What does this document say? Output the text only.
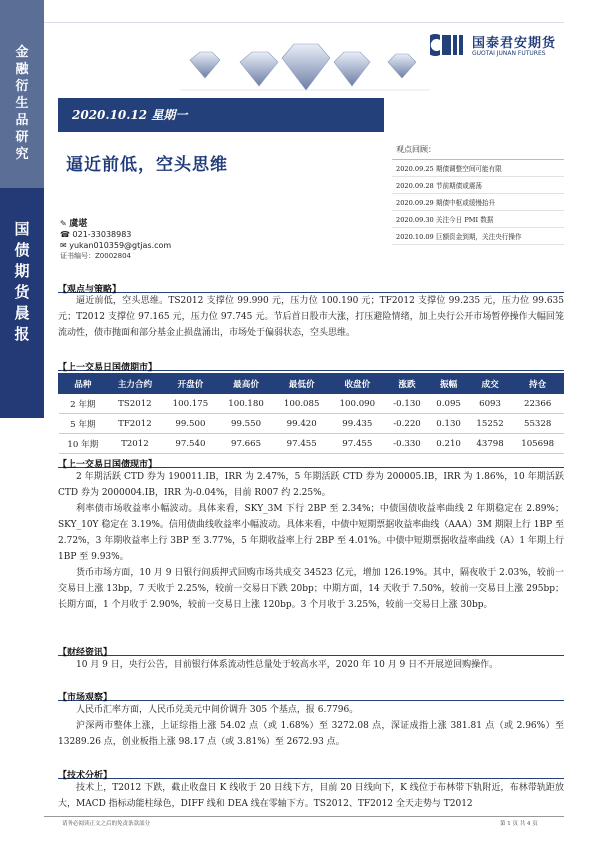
金
融
衍
生
品
研
究
国
债
期
货
晨
报
国泰君安期货
GUOTAI JUNAN FUTURES
2020.10.12 星期一
逼近前低，空头思维
观点回顾：
2020.09.25 期债调整空间可能有限
2020.09.28 节前期债或震荡
2020.09.29 期债中枢或缓慢抬升
2020.09.30 关注今日 PMI 数据
2020.10.09 巨额资金到期，关注央行操作
✎ 虞堪
☎ 021-33038983
✉ yukan010359@gtjas.com
证书编号：Z0002804
【观点与策略】

逼近前低，空头思维。TS2012 支撑位 99.990 元，压力位 100.190 元；TF2012 支撑位 99.235 元，压力位 99.635 元；T2012 支撑位 97.165 元，压力位 97.745 元。节后首日股市大涨，打压避险情绪，加上央行公开市场暂停操作大幅回笼流动性，债市抛面和部分基金止损盘涌出，市场处于偏弱状态，空头思维。

【上一交易日国债期市】
品种	主力合约	开盘价	最高价	最低价	收盘价	涨跌	振幅	成交	持仓
2 年期	TS2012	100.175	100.180	100.085	100.090	-0.130	0.095	6093	22366
5 年期	TF2012	99.500	99.550	99.420	99.435	-0.220	0.130	15252	55328
10 年期	T2012	97.540	97.665	97.455	97.455	-0.330	0.210	43798	105698
【上一交易日国债现市】

2 年期活跃 CTD 券为 190011.IB，IRR 为 2.47%，5 年期活跃 CTD 券为 200005.IB，IRR 为 1.86%，10 年期活跃 CTD 券为 2000004.IB，IRR 为-0.04%，目前 R007 约 2.25%。

利率债市场收益率小幅波动。具体来看，SKY_3M 下行 2BP 至 2.34%；中债国债收益率曲线 2 年期稳定在 2.89%；SKY_10Y 稳定在 3.19%。信用债曲线收益率小幅波动。具体来看，中债中短期票据收益率曲线（AAA）3M 期限上行 1BP 至 2.72%，3 年期收益率上行 3BP 至 3.77%，5 年期收益率上行 2BP 至 4.01%。中债中短期票据收益率曲线（A）1 年期上行 1BP 至 9.93%。

货币市场方面，10 月 9 日银行间质押式回购市场共成交 34523 亿元，增加 126.19%。其中，隔夜收于 2.03%，较前一交易日上涨 13bp，7 天收于 2.25%，较前一交易日下跌 20bp；中期方面，14 天收于 7.50%，较前一交易日上涨 295bp；长期方面，1 个月收于 2.90%，较前一交易日上涨 120bp。3 个月收于 3.25%，较前一交易日上涨 30bp。

【财经资讯】

10 月 9 日，央行公告，目前银行体系流动性总量处于较高水平，2020 年 10 月 9 日不开展逆回购操作。

【市场观察】

人民币汇率方面，人民币兑美元中间价调升 305 个基点，报 6.7796。

沪深两市整体上涨，上证综指上涨 54.02 点（或 1.68%）至 3272.08 点，深证成指上涨 381.81 点（或 2.96%）至 13289.26 点，创业板指上涨 98.17 点（或 3.81%）至 2672.93 点。

【技术分析】

技术上，T2012 下跌，截止收盘日 K 线收于 20 日线下方，目前 20 日线向下，K 线位于布林带下轨附近，布林带轨距放大，MACD 指标动能柱绿色，DIFF 线和 DEA 线在零轴下方。TS2012、TF2012 全天走势与 T2012

请务必阅读正文之后的免责条款部分	第 1 页 共 4 页
